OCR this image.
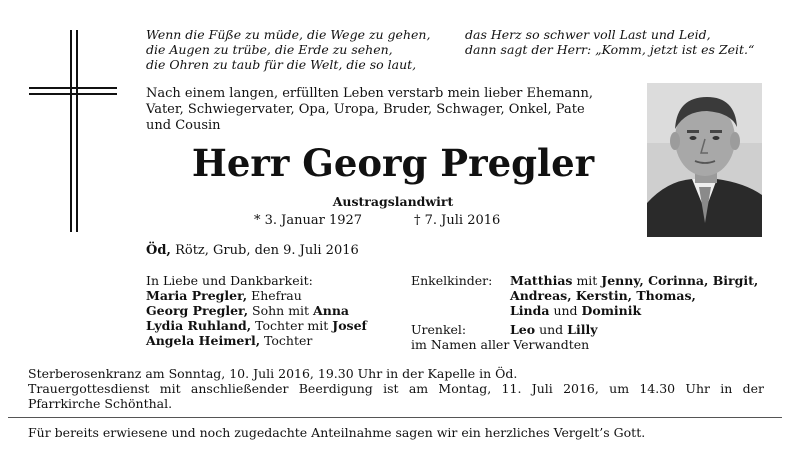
Wenn die Füße zu müde, die Wege zu gehen,
die Augen zu trübe, die Erde zu sehen,
die Ohren zu taub für die Welt, die so laut,
das Herz so schwer voll Last und Leid,
dann sagt der Herr: „Komm, jetzt ist es Zeit.“
Nach einem langen, erfüllten Leben verstarb mein lieber Ehemann,
Vater, Schwiegervater, Opa, Uropa, Bruder, Schwager, Onkel, Pate
und Cousin
Herr Georg Pregler
Austragslandwirt
* 3. Januar 1927	† 7. Juli 2016
Öd, Rötz, Grub, den 9. Juli 2016
In Liebe und Dankbarkeit:
Maria Pregler, Ehefrau
Georg Pregler, Sohn mit Anna
Lydia Ruhland, Tochter mit Josef
Angela Heimerl, Tochter
Enkelkinder: Matthias mit Jenny, Corinna, Birgit,
Andreas, Kerstin, Thomas,
Linda und Dominik
Urenkel:	Leo und Lilly
im Namen aller Verwandten
Sterberosenkranz am Sonntag, 10. Juli 2016, 19.30 Uhr in der Kapelle in Öd.
Trauergottesdienst mit anschließender Beerdigung ist am Montag, 11. Juli 2016, um 14.30 Uhr in der
Pfarrkirche Schönthal.
Für bereits erwiesene und noch zugedachte Anteilnahme sagen wir ein herzliches Vergelt’s Gott.
